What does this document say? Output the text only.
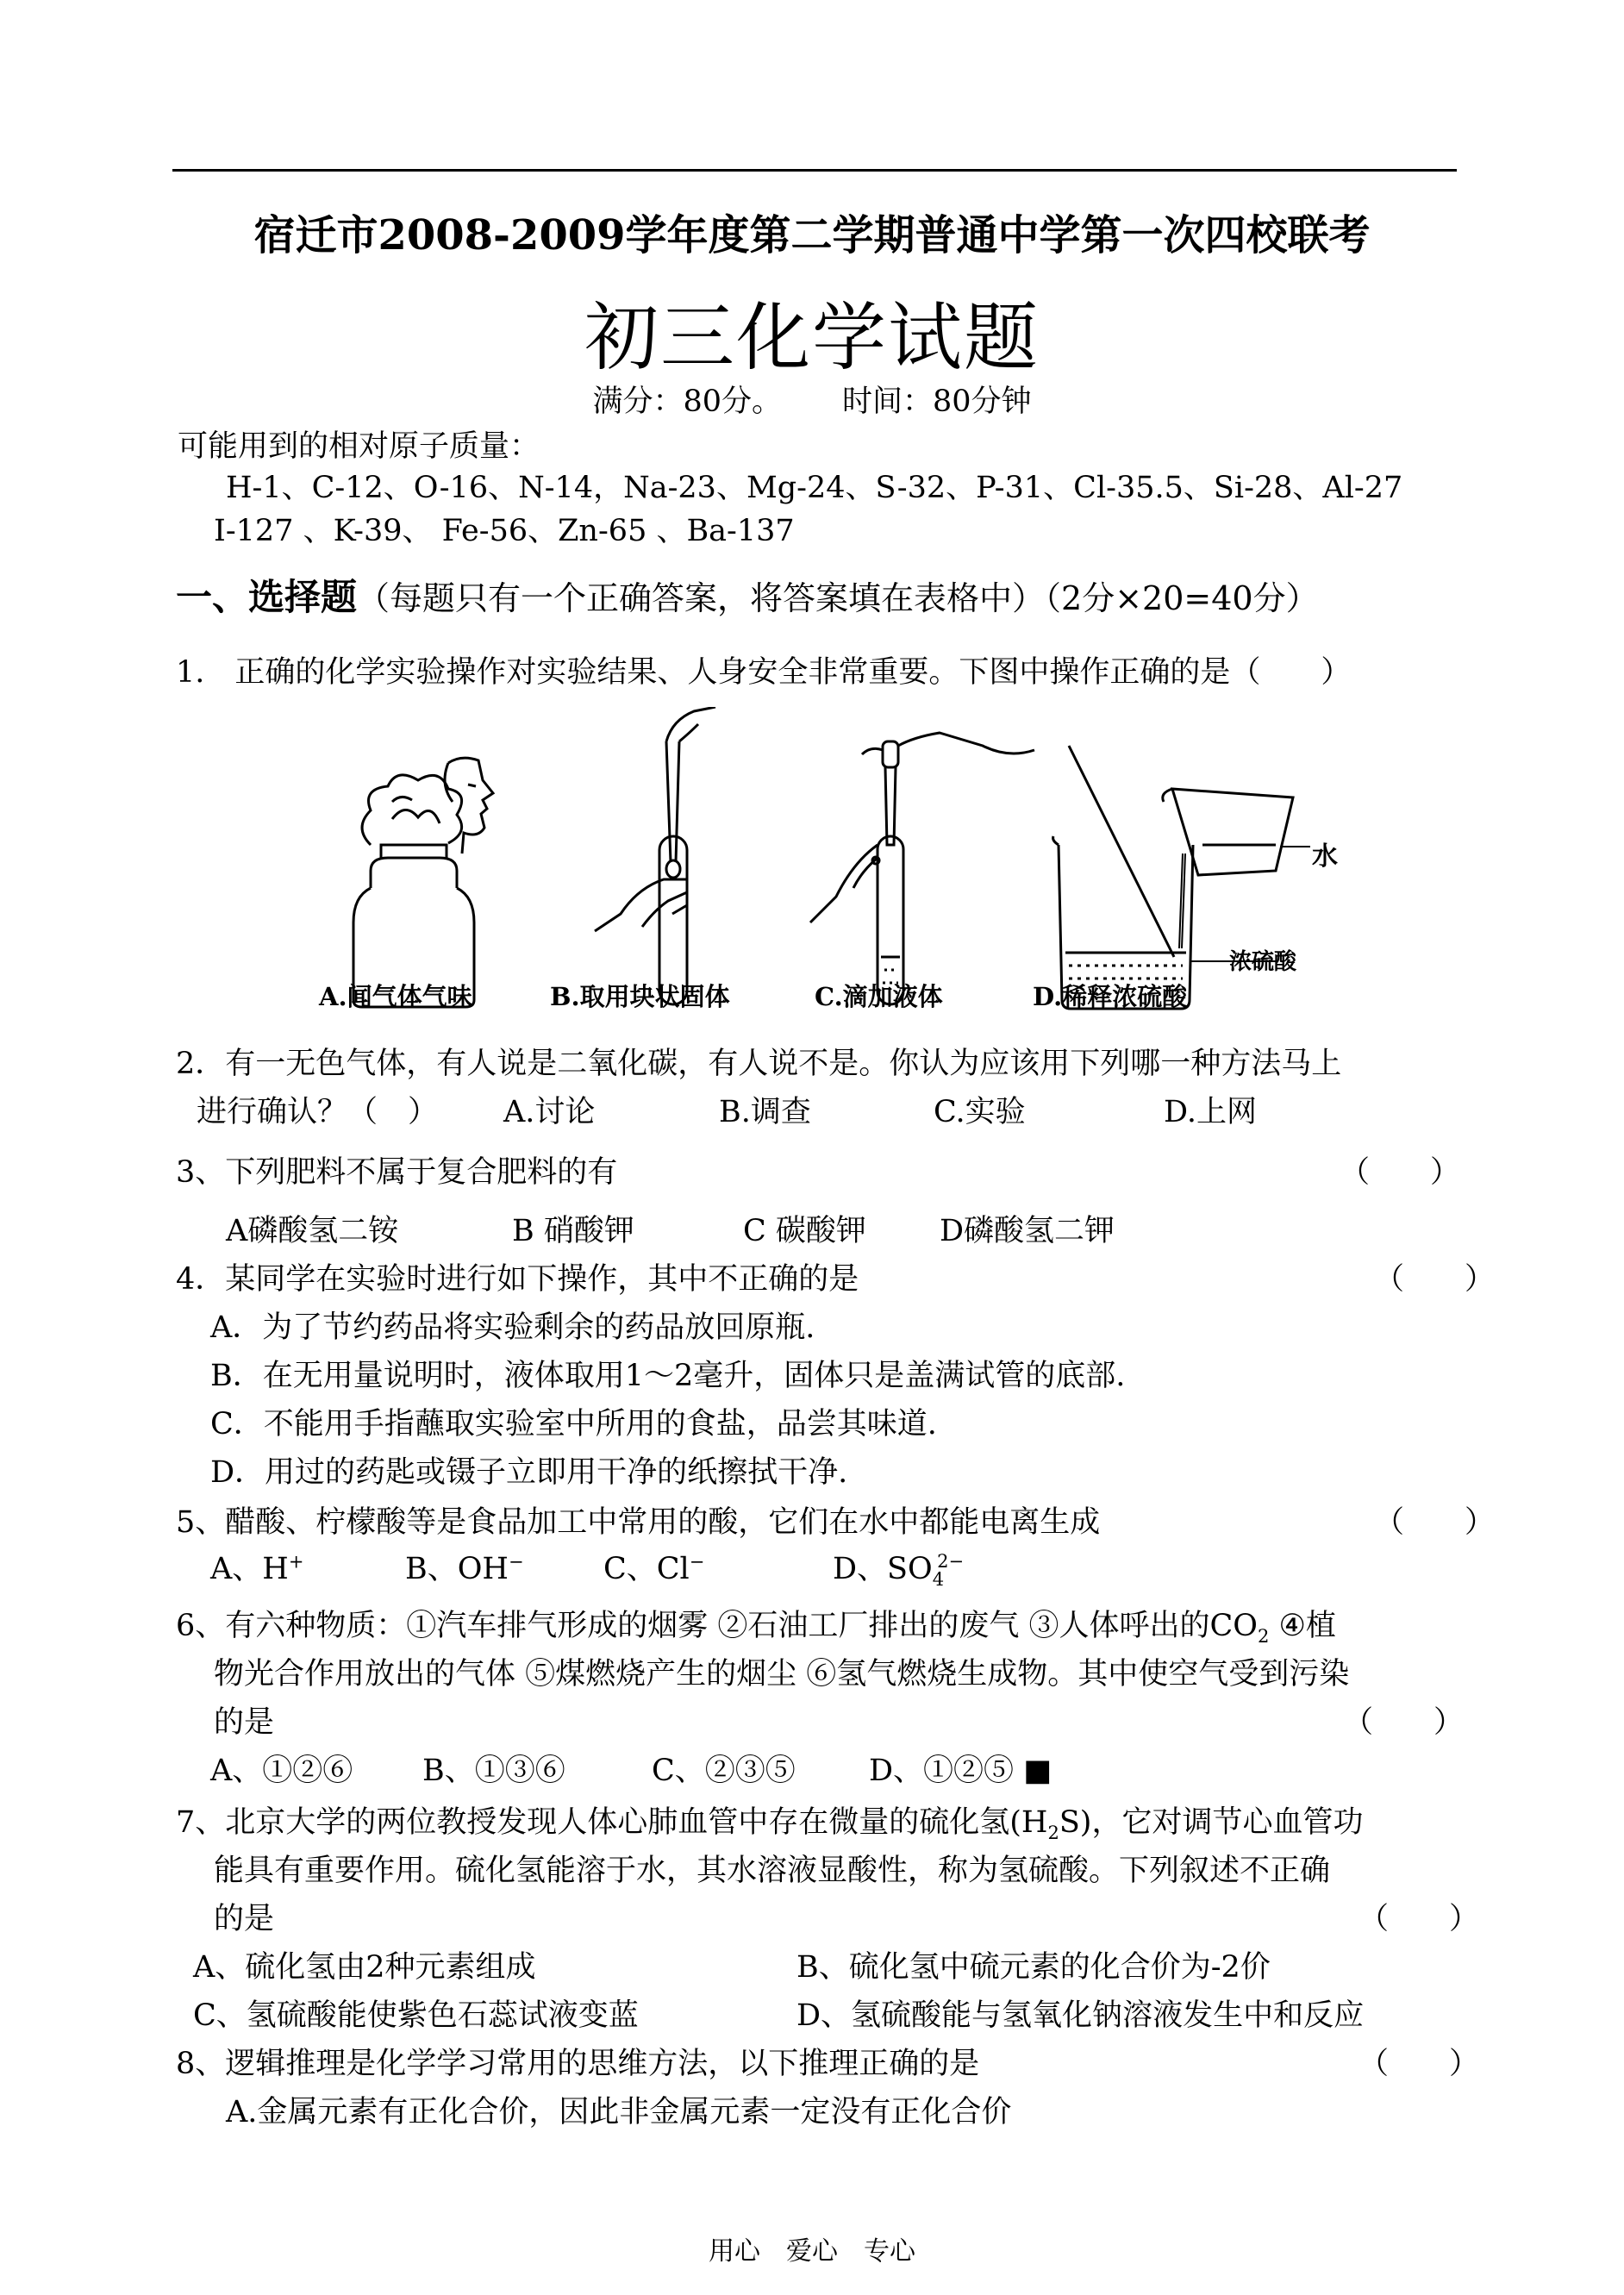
宿迁市2008-2009学年度第二学期普通中学第一次四校联考
初三化学试题
满分：80分。 时间：80分钟
可能用到的相对原子质量：
H-1、C-12、O-16、N-14，Na-23、Mg-24、S-32、P-31、Cl-35.5、Si-28、Al-27
I-127 、K-39、 Fe-56、Zn-65 、Ba-137
一、选择题（每题只有一个正确答案，将答案填在表格中）（2分×20=40分）
1.　正确的化学实验操作对实验结果、人身安全非常重要。下图中操作正确的是（　　）
水
浓硫酸
A.闻气体气味	B.取用块状固体	C.滴加液体	D.稀释浓硫酸
2．有一无色气体，有人说是二氧化碳，有人说不是。你认为应该用下列哪一种方法马上
进行确认？（　） A.讨论	B.调查	C.实验	D.上网
3、下列肥料不属于复合肥料的有	（　　）
A磷酸氢二铵	B 硝酸钾	C 碳酸钾 D磷酸氢二钾
4．某同学在实验时进行如下操作，其中不正确的是	（　　）
A．为了节约药品将实验剩余的药品放回原瓶.
B．在无用量说明时，液体取用1～2毫升，固体只是盖满试管的底部.
C．不能用手指蘸取实验室中所用的食盐，品尝其味道.
D．用过的药匙或镊子立即用干净的纸擦拭干净.
5、醋酸、柠檬酸等是食品加工中常用的酸，它们在水中都能电离生成	（　　）
A、H+	B、OH−	C、Cl−	D、$SO_4^{2-}$
6、有六种物质：①汽车排气形成的烟雾 ②石油工厂排出的废气 ③人体呼出的$CO_2$ ④植
物光合作用放出的气体 ⑤煤燃烧产生的烟尘 ⑥氢气燃烧生成物。其中使空气受到污染
的是	（　　）
A、①②⑥ B、①③⑥	C、②③⑤ D、①②⑤ ■
7、北京大学的两位教授发现人体心肺血管中存在微量的硫化氢$(H_2S)$，它对调节心血管功
能具有重要作用。硫化氢能溶于水，其水溶液显酸性，称为氢硫酸。下列叙述不正确
的是	（　　）
A、硫化氢由2种元素组成	B、硫化氢中硫元素的化合价为-2价
C、氢硫酸能使紫色石蕊试液变蓝	D、氢硫酸能与氢氧化钠溶液发生中和反应
8、逻辑推理是化学学习常用的思维方法，以下推理正确的是	（　　）
A.金属元素有正化合价，因此非金属元素一定没有正化合价
用心　爱心　专心
